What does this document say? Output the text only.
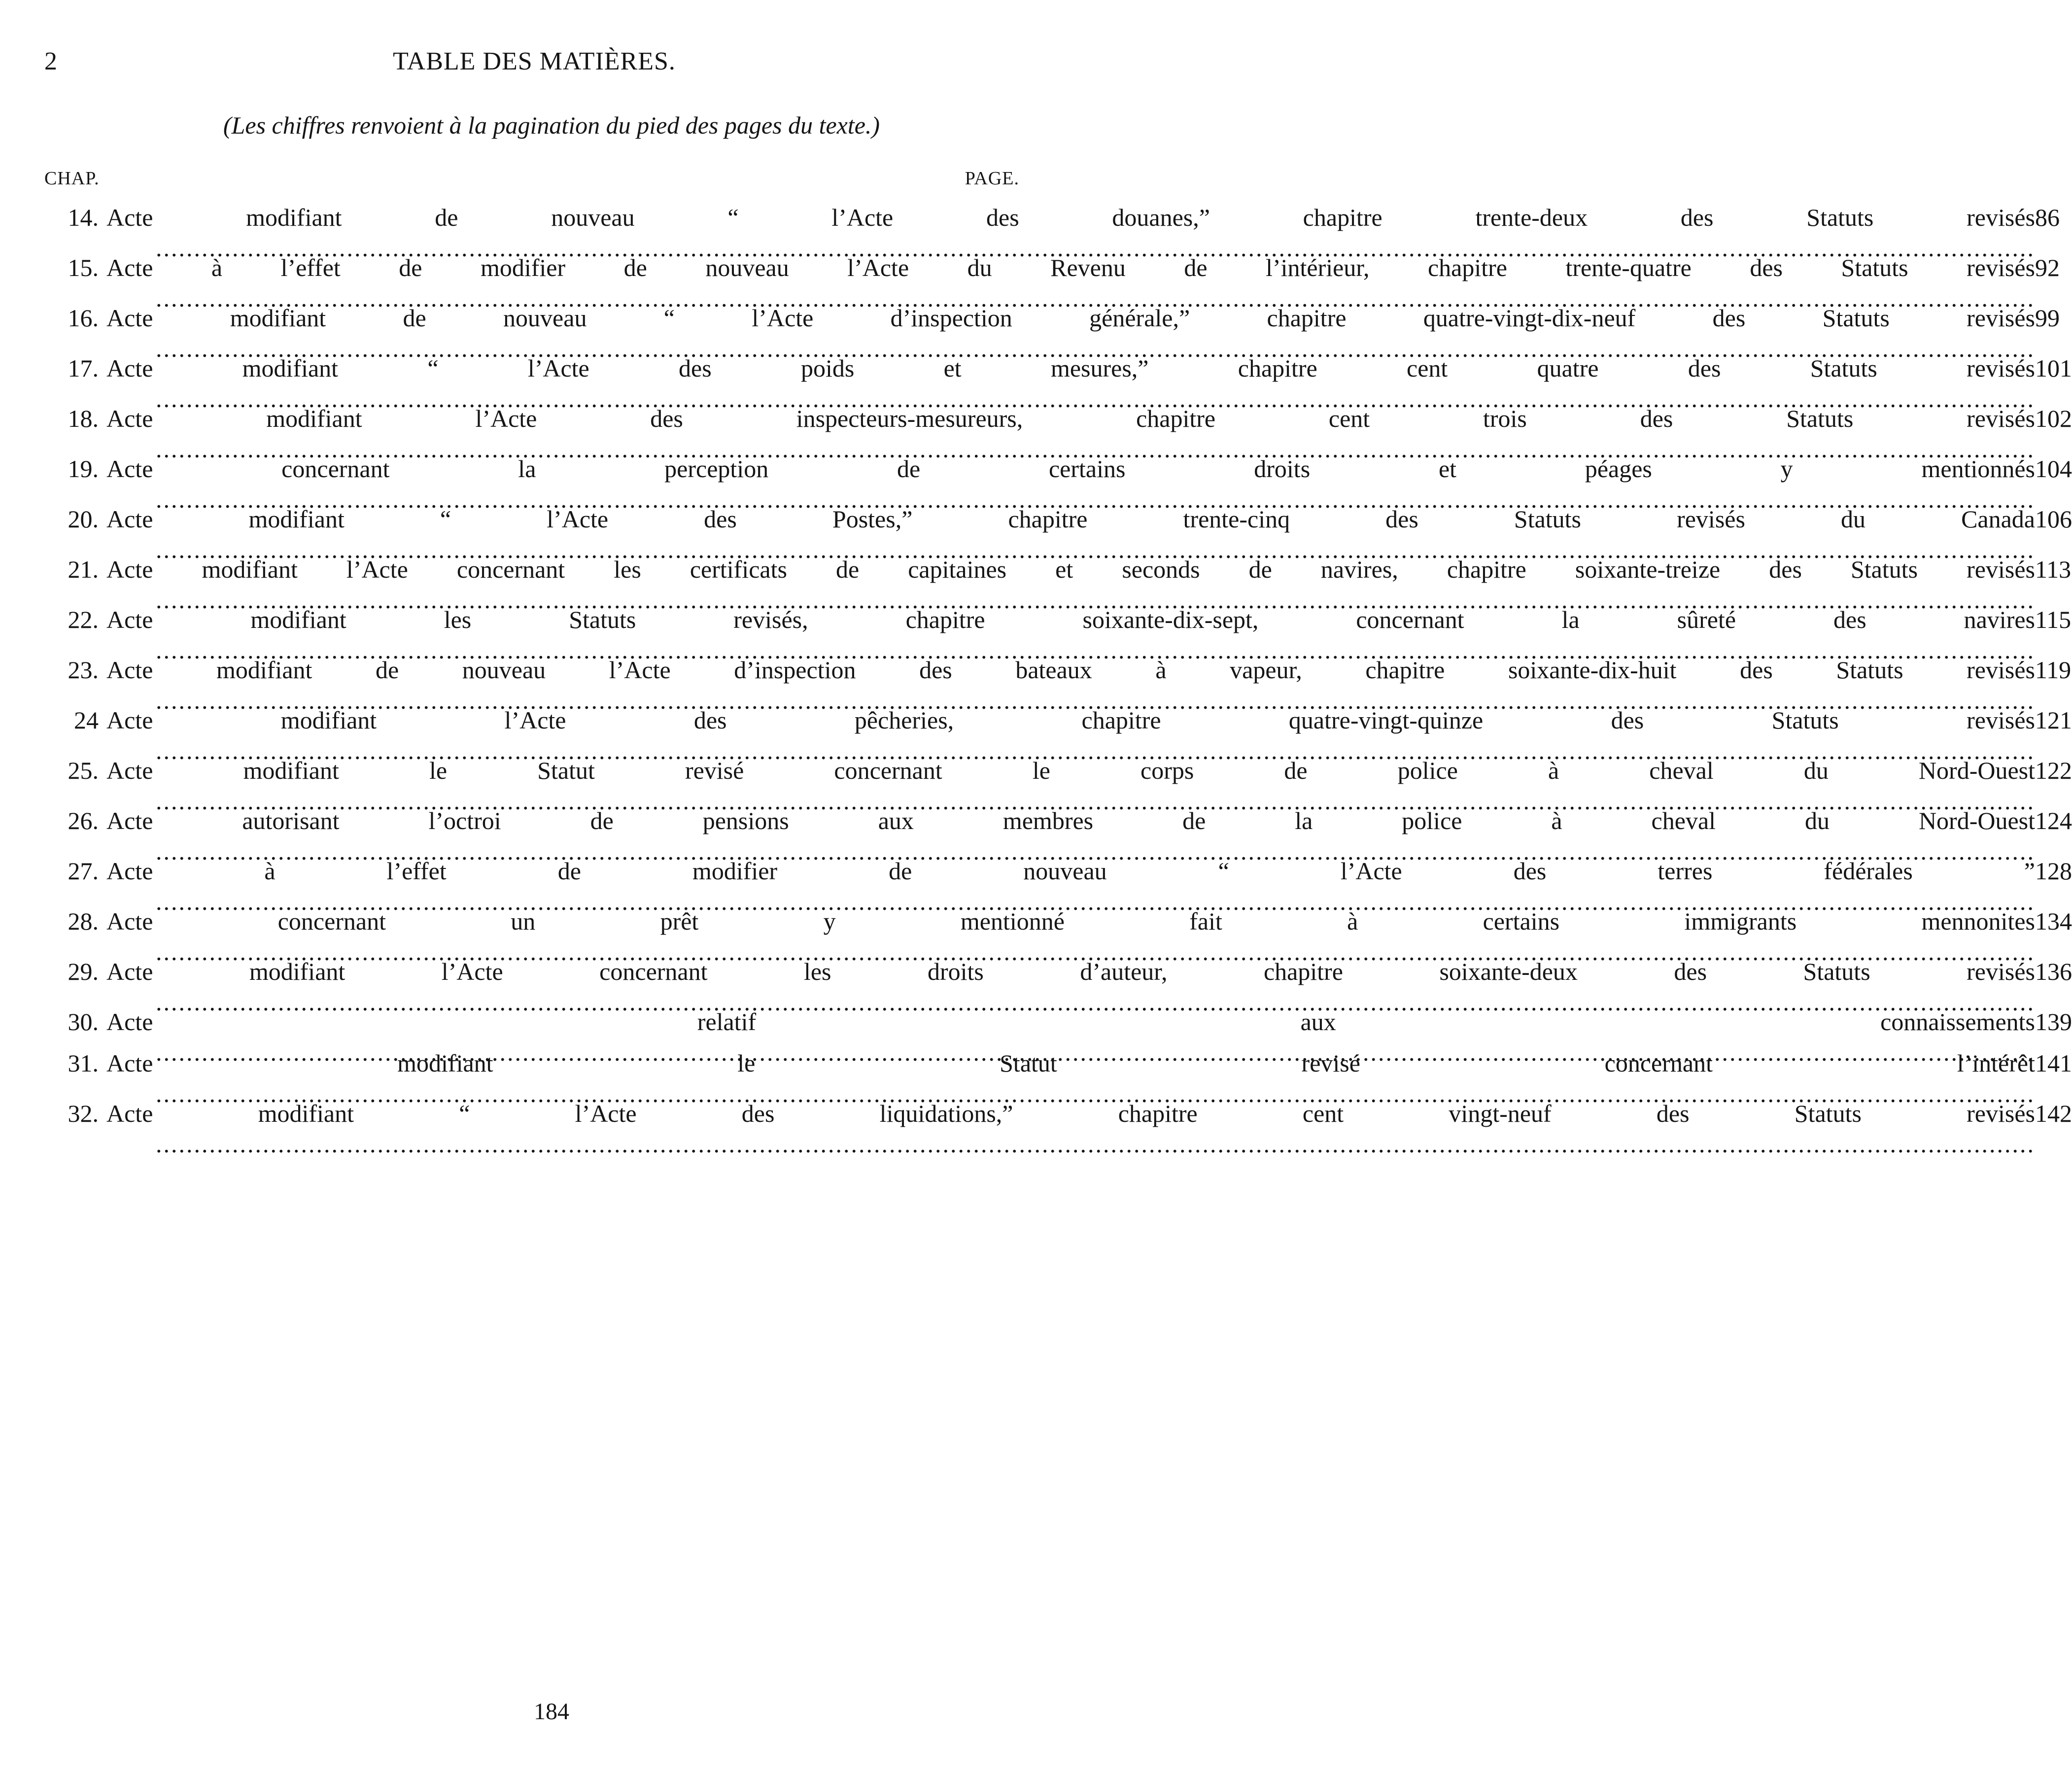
2	TABLE DES MATIÈRES.
(Les chiffres renvoient à la pagination du pied des pages du texte.)
CHAP.	PAGE.
14. Acte modifiant de nouveau “ l’Acte des douanes,” chapitre trente-deux des Statuts revisés ..... 86
15. Acte à l’effet de modifier de nouveau l’Acte du Revenu de l’intérieur, chapitre trente-quatre des Statuts revisés ..... 92
16. Acte modifiant de nouveau “ l’Acte d’inspection générale,” chapitre quatre-vingt-dix-neuf des Statuts revisés ..... 99
17. Acte modifiant “ l’Acte des poids et mesures,” chapitre cent quatre des Statuts revisés ..... 101
18. Acte modifiant l’Acte des inspecteurs-mesureurs, chapitre cent trois des Statuts revisés ..... 102
19. Acte concernant la perception de certains droits et péages y mentionnés ..... 104
20. Acte modifiant “ l’Acte des Postes,” chapitre trente-cinq des Statuts revisés du Canada ..... 106
21. Acte modifiant l’Acte concernant les certificats de capitaines et seconds de navires, chapitre soixante-treize des Statuts revisés ..... 113
22. Acte modifiant les Statuts revisés, chapitre soixante-dix-sept, concernant la sûreté des navires ..... 115
23. Acte modifiant de nouveau l’Acte d’inspection des bateaux à vapeur, chapitre soixante-dix-huit des Statuts revisés ..... 119
24 Acte modifiant l’Acte des pêcheries, chapitre quatre-vingt-quinze des Statuts revisés ..... 121
25. Acte modifiant le Statut revisé concernant le corps de police à cheval du Nord-Ouest ..... 122
26. Acte autorisant l’octroi de pensions aux membres de la police à cheval du Nord-Ouest ..... 124
27. Acte à l’effet de modifier de nouveau “ l’Acte des terres fédérales ” ..... 128
28. Acte concernant un prêt y mentionné fait à certains immigrants mennonites ..... 134
29. Acte modifiant l’Acte concernant les droits d’auteur, chapitre soixante-deux des Statuts revisés ..... 136
30. Acte relatif aux connaissements ..... 139
31. Acte modifiant le Statut revisé concernant l’intérêt ..... 141
32. Acte modifiant “ l’Acte des liquidations,” chapitre cent vingt-neuf des Statuts revisés ..... 142
184
